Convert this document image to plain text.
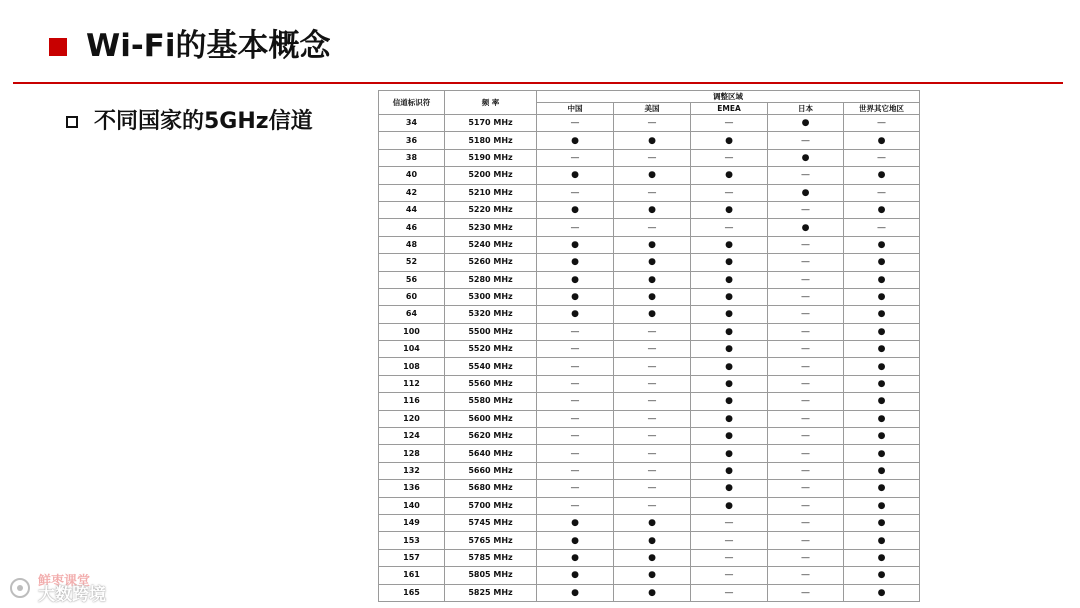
Wi-Fi的基本概念
不同国家的5GHz信道
信道标识符	频 率	调整区域				
		中国	美国	EMEA	日本	世界其它地区
34	5170 MHz	—	—	—	●	—
36	5180 MHz	●	●	●	—	●
38	5190 MHz	—	—	—	●	—
40	5200 MHz	●	●	●	—	●
42	5210 MHz	—	—	—	●	—
44	5220 MHz	●	●	●	—	●
46	5230 MHz	—	—	—	●	—
48	5240 MHz	●	●	●	—	●
52	5260 MHz	●	●	●	—	●
56	5280 MHz	●	●	●	—	●
60	5300 MHz	●	●	●	—	●
64	5320 MHz	●	●	●	—	●
100	5500 MHz	—	—	●	—	●
104	5520 MHz	—	—	●	—	●
108	5540 MHz	—	—	●	—	●
112	5560 MHz	—	—	●	—	●
116	5580 MHz	—	—	●	—	●
120	5600 MHz	—	—	●	—	●
124	5620 MHz	—	—	●	—	●
128	5640 MHz	—	—	●	—	●
132	5660 MHz	—	—	●	—	●
136	5680 MHz	—	—	●	—	●
140	5700 MHz	—	—	●	—	●
149	5745 MHz	●	●	—	—	●
153	5765 MHz	●	●	—	—	●
157	5785 MHz	●	●	—	—	●
161	5805 MHz	●	●	—	—	●
165	5825 MHz	●	●	—	—	●
鲜枣课堂
大数跨境
